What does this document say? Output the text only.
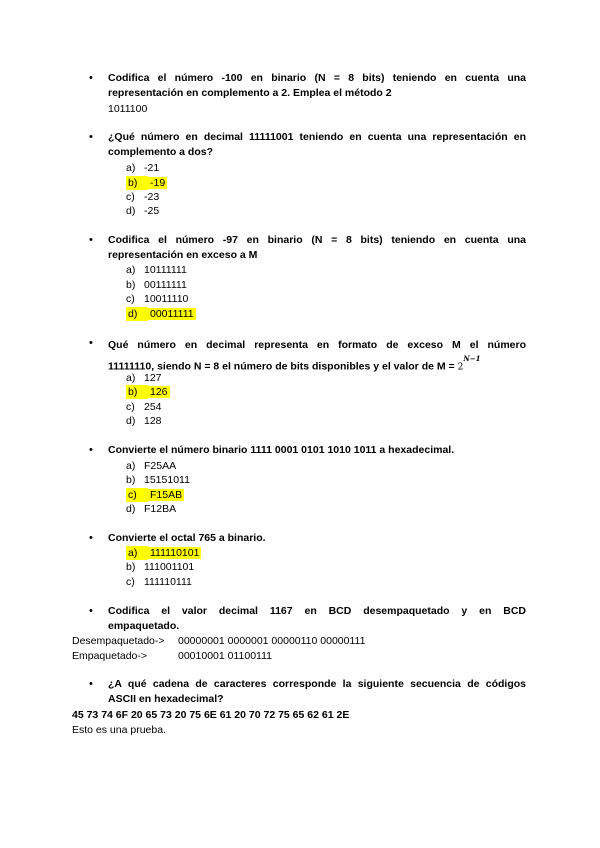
• Codifica el número -100 en binario (N = 8 bits) teniendo en cuenta una
representación en complemento a 2. Emplea el método 2
1011100
• ¿Qué número en decimal 11111001 teniendo en cuenta una representación en
complemento a dos?
a) -21
b) -19
c) -23
d) -25
• Codifica el número -97 en binario (N = 8 bits) teniendo en cuenta una
representación en exceso a M
a) 10111111
b) 00111111
c) 10011110
d) 00011111
• Qué número en decimal representa en formato de exceso M el número
11111110, siendo N = 8 el número de bits disponibles y el valor de $M = 2^{N-1}$
a) 127
b) 126
c) 254
d) 128
• Convierte el número binario 1111 0001 0101 1010 1011 a hexadecimal.
a) F25AA
b) 15151011
c) F15AB
d) F12BA
• Convierte el octal 765 a binario.
a) 111110101
b) 111001101
c) 111110111
• Codifica el valor decimal 1167 en BCD desempaquetado y en BCD
empaquetado.
Desempaquetado-> 00000001 0000001 00000110 00000111
Empaquetado->	00010001 01100111
• ¿A qué cadena de caracteres corresponde la siguiente secuencia de códigos
ASCII en hexadecimal?
45 73 74 6F 20 65 73 20 75 6E 61 20 70 72 75 65 62 61 2E
Esto es una prueba.
